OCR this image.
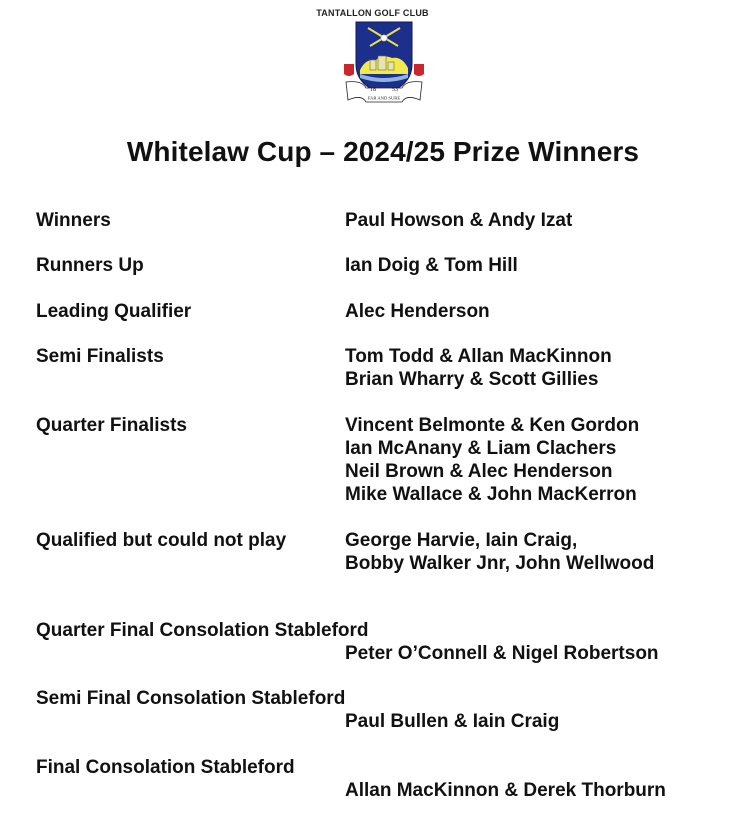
TANTALLON GOLF CLUB
18	53
FAR AND SURE
Whitelaw Cup – 2024/25 Prize Winners
Winners	Paul Howson & Andy Izat
Runners Up	Ian Doig & Tom Hill
Leading Qualifier	Alec Henderson
Semi Finalists	Tom Todd & Allan MacKinnon
Brian Wharry & Scott Gillies
Quarter Finalists	Vincent Belmonte & Ken Gordon
Ian McAnany & Liam Clachers
Neil Brown & Alec Henderson
Mike Wallace & John MacKerron
Qualified but could not play	George Harvie, Iain Craig,
Bobby Walker Jnr, John Wellwood
Quarter Final Consolation Stableford
Peter O’Connell & Nigel Robertson
Semi Final Consolation Stableford
Paul Bullen & Iain Craig
Final Consolation Stableford
Allan MacKinnon & Derek Thorburn
